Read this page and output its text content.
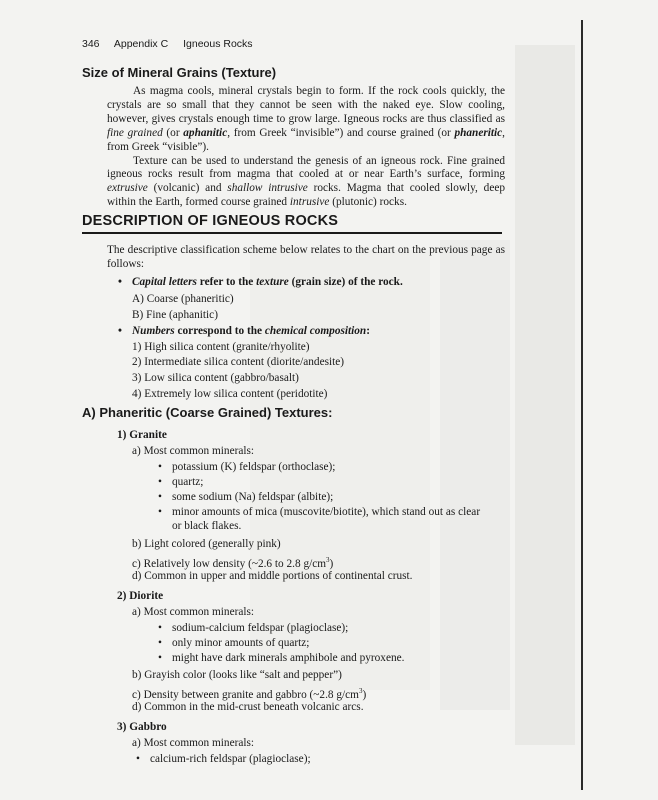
346 Appendix C Igneous Rocks
Size of Mineral Grains (Texture)

As magma cools, mineral crystals begin to form. If the rock cools quickly, the crystals are so small that they cannot be seen with the naked eye. Slow cooling, however, gives crystals enough time to grow large. Igneous rocks are thus classified as fine grained (or aphanitic, from Greek “invisible”) and course grained (or phaneritic, from Greek “visible”).

Texture can be used to understand the genesis of an igneous rock. Fine grained igneous rocks result from magma that cooled at or near Earth’s surface, forming extrusive (volcanic) and shallow intrusive rocks. Magma that cooled slowly, deep within the Earth, formed course grained intrusive (plutonic) rocks.

DESCRIPTION OF IGNEOUS ROCKS
The descriptive classification scheme below relates to the chart on the previous page as follows:
• Capital letters refer to the texture (grain size) of the rock.
A) Coarse (phaneritic)
B) Fine (aphanitic)
• Numbers correspond to the chemical composition:
1) High silica content (granite/rhyolite)
2) Intermediate silica content (diorite/andesite)
3) Low silica content (gabbro/basalt)
4) Extremely low silica content (peridotite)
A) Phaneritic (Coarse Grained) Textures:
1) Granite
a) Most common minerals:
• potassium (K) feldspar (orthoclase);
• quartz;
• some sodium (Na) feldspar (albite);
• minor amounts of mica (muscovite/biotite), which stand out as clear
or black flakes.
b) Light colored (generally pink)
c) Relatively low density (~2.6 to 2.8 $g/cm^3$)
d) Common in upper and middle portions of continental crust.
2) Diorite
a) Most common minerals:
• sodium-calcium feldspar (plagioclase);
• only minor amounts of quartz;
• might have dark minerals amphibole and pyroxene.
b) Grayish color (looks like “salt and pepper”)
c) Density between granite and gabbro (~2.8 $g/cm^3$)
d) Common in the mid-crust beneath volcanic arcs.
3) Gabbro
a) Most common minerals:
• calcium-rich feldspar (plagioclase);
